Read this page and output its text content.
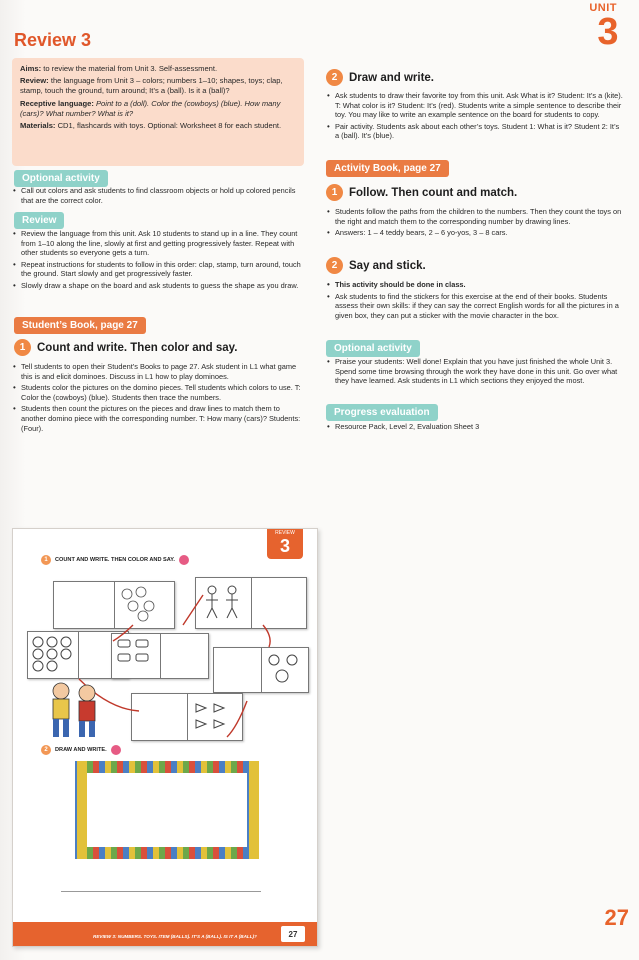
UNIT
3
Review 3

Aims: to review the material from Unit 3. Self-assessment.

Review: the language from Unit 3 – colors; numbers 1–10; shapes, toys; clap, stamp, touch the ground, turn around; It’s a (ball). Is it a (ball)?

Receptive language: Point to a (doll). Color the (cowboys) (blue). How many (cars)? What number? What is it?

Materials: CD1, flashcards with toys. Optional: Worksheet 8 for each student.

Optional activity
• Call out colors and ask students to find classroom objects or hold up colored pencils that are the correct color.
Review
• Review the language from this unit. Ask 10 students to stand up in a line. They count from 1–10 along the line, slowly at first and getting progressively faster. Repeat with other students so everyone gets a turn.
• Repeat instructions for students to follow in this order: clap, stamp, turn around, touch the ground. Start slowly and get progressively faster.
• Slowly draw a shape on the board and ask students to guess the shape as you draw.
Student’s Book, page 27
1	Count and write. Then color and say.
• Tell students to open their Student’s Books to page 27. Ask student in L1 what game this is and elicit dominoes. Discuss in L1 how to play dominoes.
• Students color the pictures on the domino pieces. Tell students which colors to use. T: Color the (cowboys) (blue). Students then trace the numbers.
• Students then count the pictures on the pieces and draw lines to match them to another domino piece with the corresponding number. T: How many (cars)? Students: (Four).
2	Draw and write.
• Ask students to draw their favorite toy from this unit. Ask What is it? Student: It’s a (kite). T: What color is it? Student: It’s (red). Students write a simple sentence to describe their toy. You may like to write an example sentence on the board for students to copy.
• Pair activity. Students ask about each other’s toys. Student 1: What is it? Student 2: It’s a (ball). It’s (blue).
Activity Book, page 27
1	Follow. Then count and match.
• Students follow the paths from the children to the numbers. Then they count the toys on the right and match them to the corresponding number by drawing lines.
• Answers: 1 – 4 teddy bears, 2 – 6 yo-yos, 3 – 8 cars.
2	Say and stick.
• This activity should be done in class.
• Ask students to find the stickers for this exercise at the end of their books. Students assess their own skills: if they can say the correct English words for all the pictures in a given box, they can put a sticker with the movie character in the box.
Optional activity
• Praise your students: Well done! Explain that you have just finished the whole Unit 3. Spend some time browsing through the work they have done in this unit. Go over what they have learned. Ask students in L1 which sections they enjoyed the most.
Progress evaluation
• Resource Pack, Level 2, Evaluation Sheet 3
REVIEW
3
1	COUNT AND WRITE. THEN COLOR AND SAY.
2	DRAW AND WRITE.
REVIEW 3: NUMBERS. TOYS. ITEM (BALLS). IT’S A (BALL). IS IT A (BALL)?	27
27
